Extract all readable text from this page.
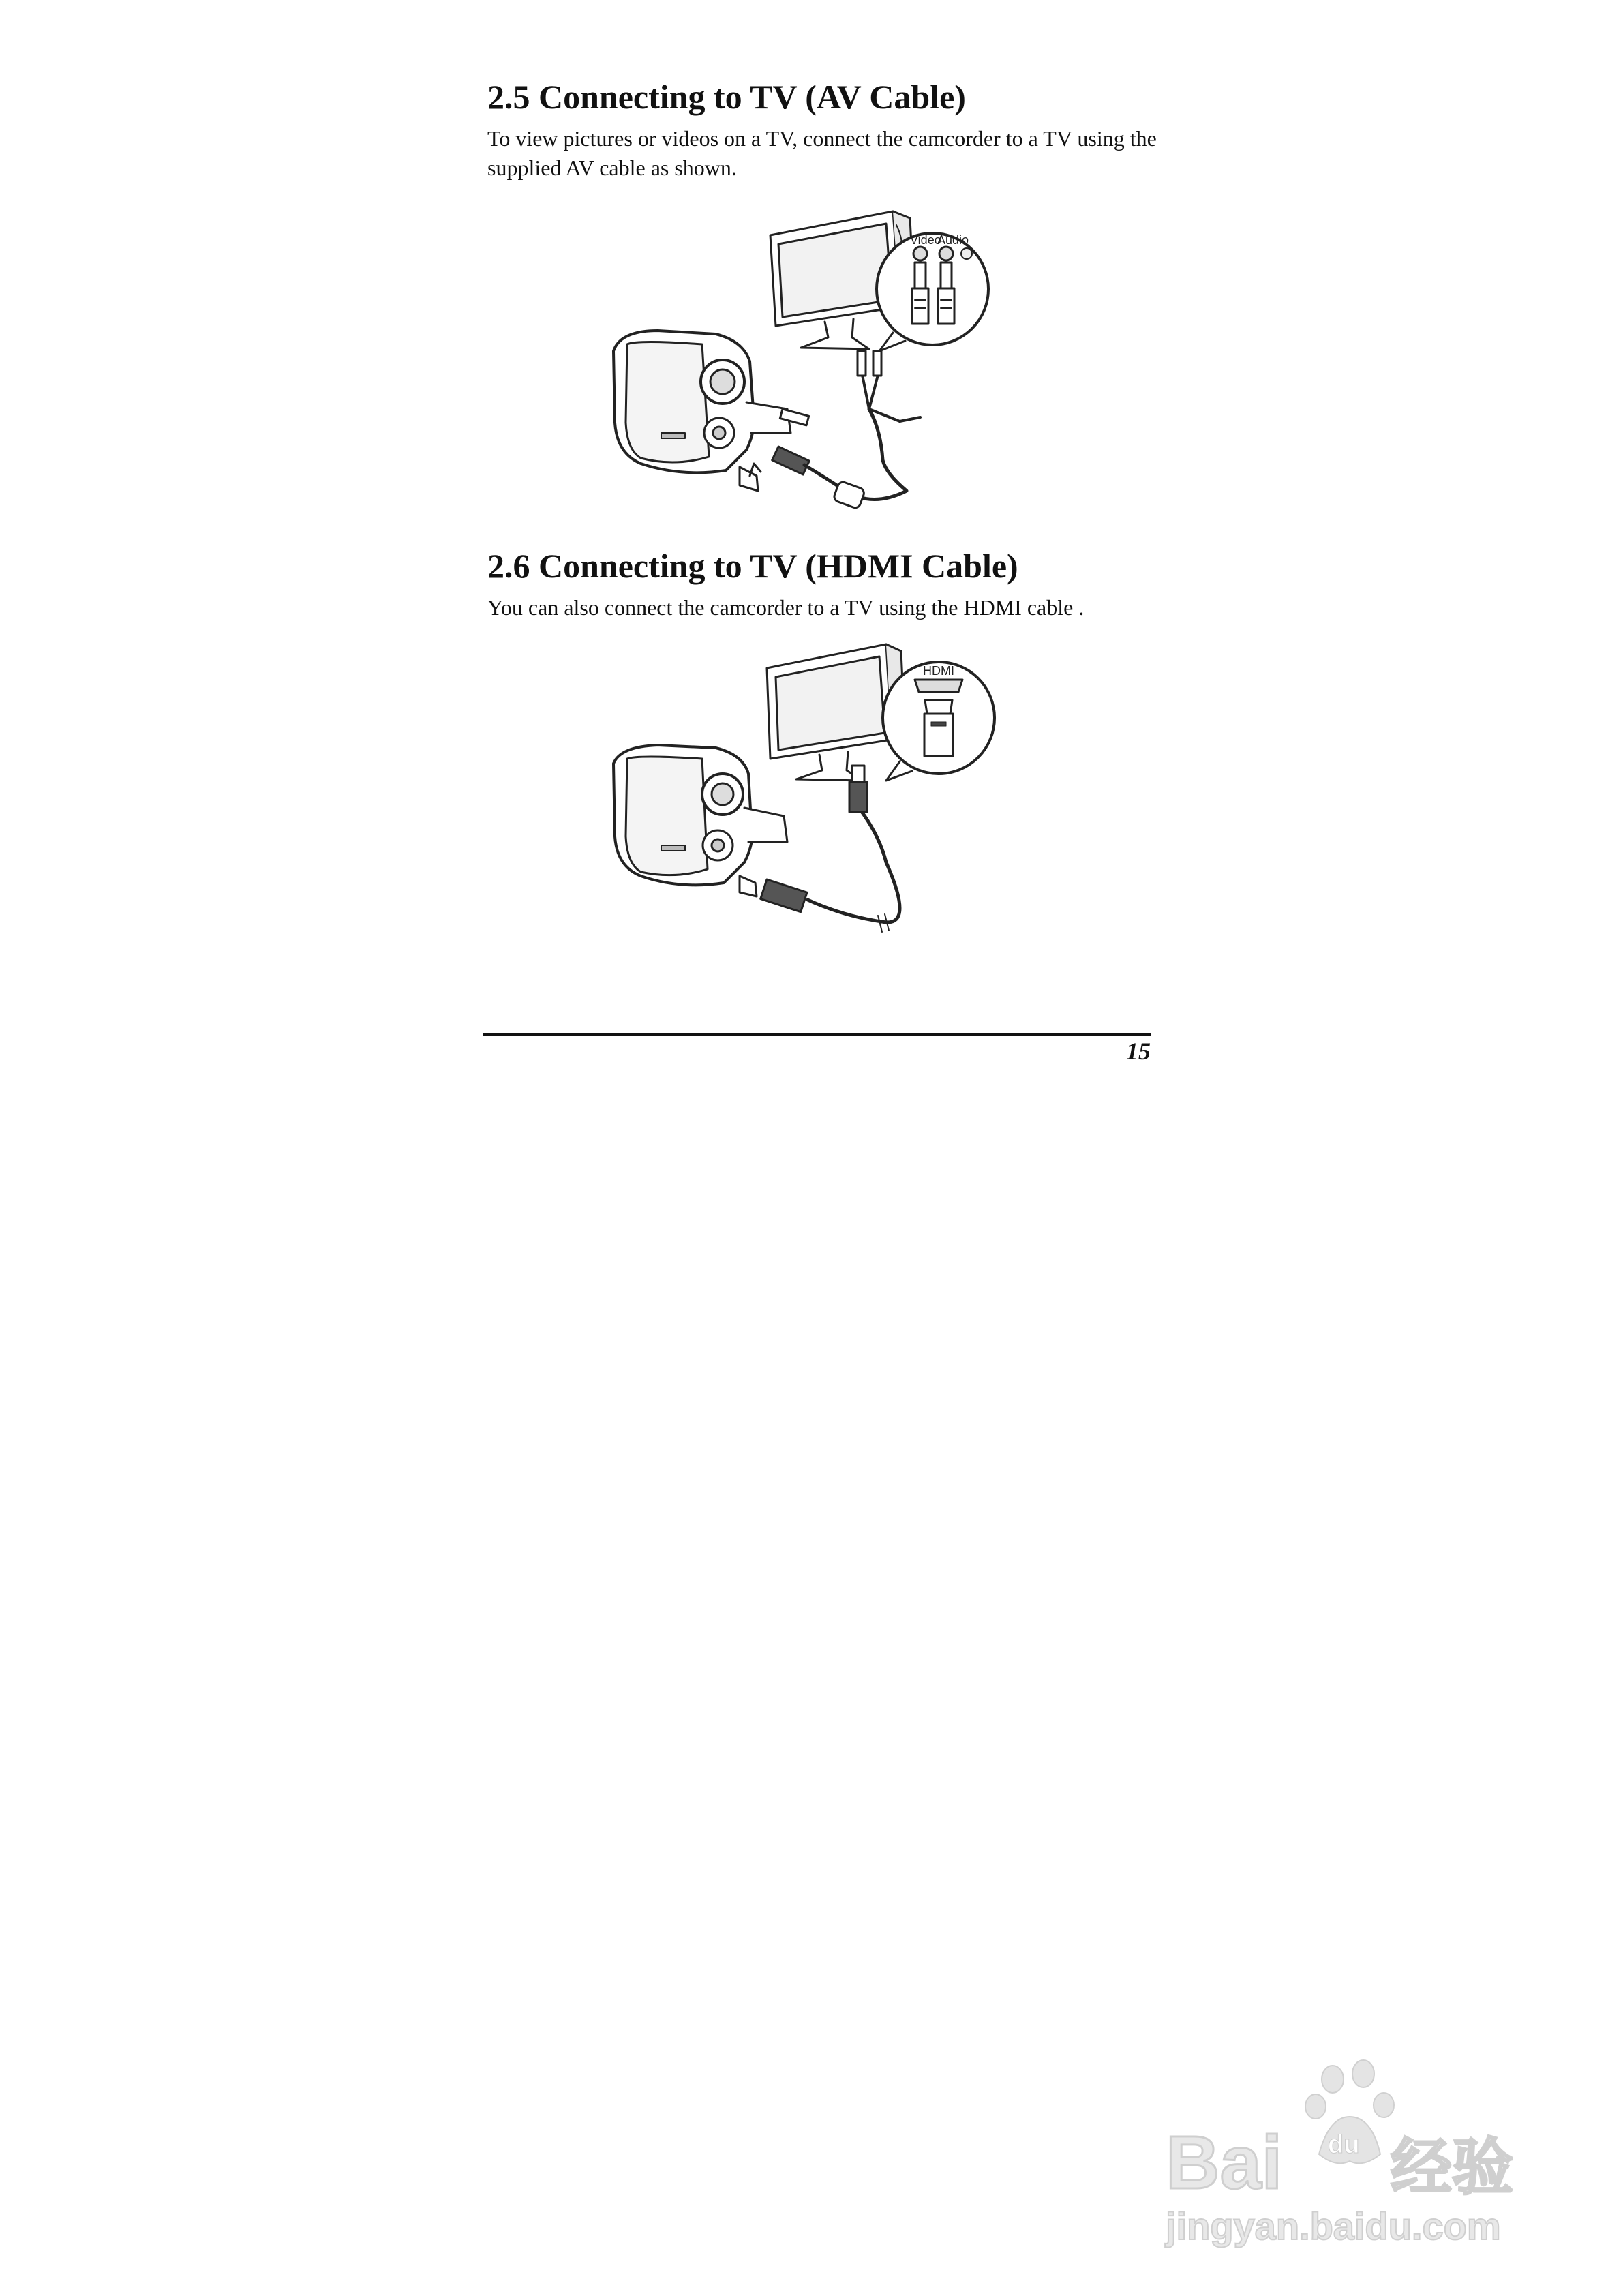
2.5 Connecting to TV (AV Cable)

To view pictures or videos on a TV, connect the camcorder to a TV using the supplied AV cable as shown.

Video
Audio
2.6 Connecting to TV (HDMI Cable)

You can also connect the camcorder to a TV using the HDMI cable .

HDMI
15
Bai 经验
du
jingyan.baidu.com
